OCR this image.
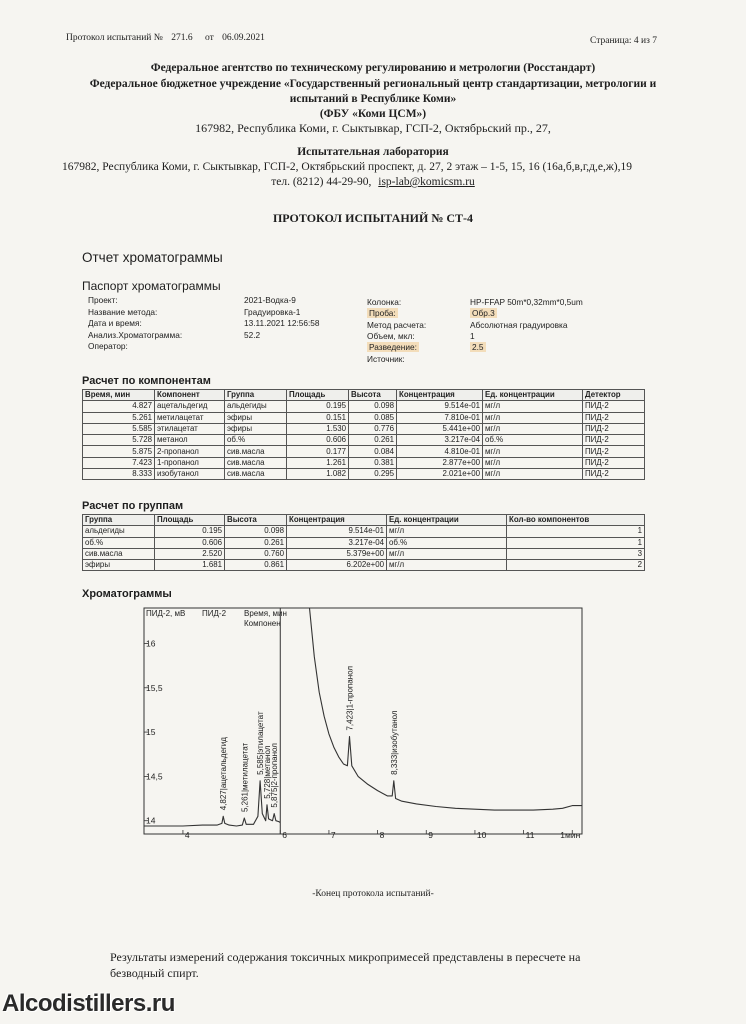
Протокол испытаний № 271.6 от 06.09.2021	Страница: 4 из 7
Федеральное агентство по техническому регулированию и метрологии (Росстандарт)
Федеральное бюджетное учреждение «Государственный региональный центр стандартизации, метрологии и
испытаний в Республике Коми»
(ФБУ «Коми ЦСМ»)
167982, Республика Коми, г. Сыктывкар, ГСП-2, Октябрьский пр., 27,
Испытательная лаборатория
167982, Республика Коми, г. Сыктывкар, ГСП-2, Октябрьский проспект, д. 27, 2 этаж – 1-5, 15, 16 (16а,б,в,г,д,е,ж),19
тел. (8212) 44-29-90, isp-lab@komicsm.ru
ПРОТОКОЛ ИСПЫТАНИЙ № СТ-4
Отчет хроматограммы
Паспорт хроматограммы
Расчет по компонентам
Время, мин	Компонент	Группа	Площадь	Высота	Концентрация	Ед. концентрации	Детектор
4.827	ацетальдегид	альдегиды	0.195	0.098	9.514e-01	мг/л	ПИД-2
5.261	метилацетат	эфиры	0.151	0.085	7.810e-01	мг/л	ПИД-2
5.585	этилацетат	эфиры	1.530	0.776	5.441e+00	мг/л	ПИД-2
5.728	метанол	об.%	0.606	0.261	3.217e-04	об.%	ПИД-2
5.875	2-пропанол	сив.масла	0.177	0.084	4.810e-01	мг/л	ПИД-2
7.423	1-пропанол	сив.масла	1.261	0.381	2.877e+00	мг/л	ПИД-2
8.333	изобутанол	сив.масла	1.082	0.295	2.021e+00	мг/л	ПИД-2
Расчет по группам
Группа	Площадь	Высота	Концентрация	Ед. концентрации	Кол-во компонентов
альдегиды	0.195	0.098	9.514e-01	мг/л	1
об.%	0.606	0.261	3.217e-04	об.%	1
сив.масла	2.520	0.760	5.379e+00	мг/л	3
эфиры	1.681	0.861	6.202e+00	мг/л	2
Хроматограммы
ПИД-2, мВ ПИД-2 Время, мин
Компонен
16
15,5
15
14,5
14
4	6	7	8	9	10	11	1мин
4,827|ацетальдегид 5,261|метилацетат 5,585|этилацетат
5,728|метанол
5,875|2-пропанол
7,423|1-пропанол
8,333|изобутанол
-Конец протокола испытаний-
Результаты измерений содержания токсичных микропримесей представлены в пересчете на
безводный спирт.
Alcodistillers.ru
Проект:	2021-Водка-9
Название метода:	Градуировка-1
Дата и время:	13.11.2021 12:56:58
Анализ.Хроматограмма:	52.2
Оператор:
Колонка:	HP-FFAP 50m*0,32mm*0,5um
Проба:	Обр.3
Метод расчета:	Абсолютная градуировка
Объем, мкл:	1
Разведение:	2.5
Источник:
